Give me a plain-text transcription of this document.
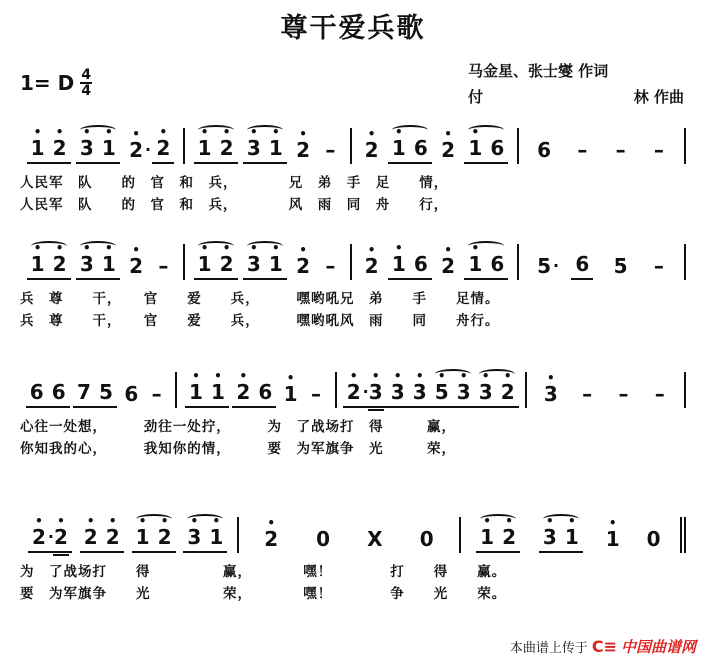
尊干爱兵歌
1= D $\frac{4}{4}$	马金星、张士燮 作词
付	林 作曲
1
•
2
•
3
•
1
•
2
•
· 2
•
1
•
2
•
3
•
1
•
2
•
–	2
•
1
•
6 2
•
1
•
6 6	–	–	–
人民军　队　　的　官　和　兵，　　　　兄　弟　手　足　　情，
人民军　队　　的　官　和　兵，　　　　风　雨　同　舟　　行，
1
•
2
•
3
•
1
•
2
•
–	1
•
2
•
3
•
1
•
2
•
–	2
•
1
•
6 2
•
1
•
6 5 · 6 5	–
兵　尊　　干，　　官　　爱　　兵，　　　嘿哟吼兄　弟　　手　　足情。
兵　尊　　干，　　官　　爱　　兵，　　　嘿哟吼风　雨　　同　　舟行。
6 6 7 5 6 –	1
•
1
•
2
•
6 1
•
–	2
•
· 3
•
3
•
3
•
5
•
3
•
3
•
2
•
3
•
–	–	–
心往一处想，　　　劲往一处拧，　　　为　了战场打　得　　　赢，
你知我的心，　　　我知你的情，　　　要　为军旗争　光　　　荣，
2
•
· 2
•
2
•
2
•
1
•
2
•
3
•
1
•
2
•
0 X 0 1
•
2
•
3
•
1
•
1
•
0
为　了战场打　　得　　　　　赢，　　　　嘿！　　　　打　　得　　赢。
要　为军旗争　　光　　　　　荣，　　　　嘿！　　　　争　　光　　荣。
本曲谱上传于 C≡ 中国曲谱网
